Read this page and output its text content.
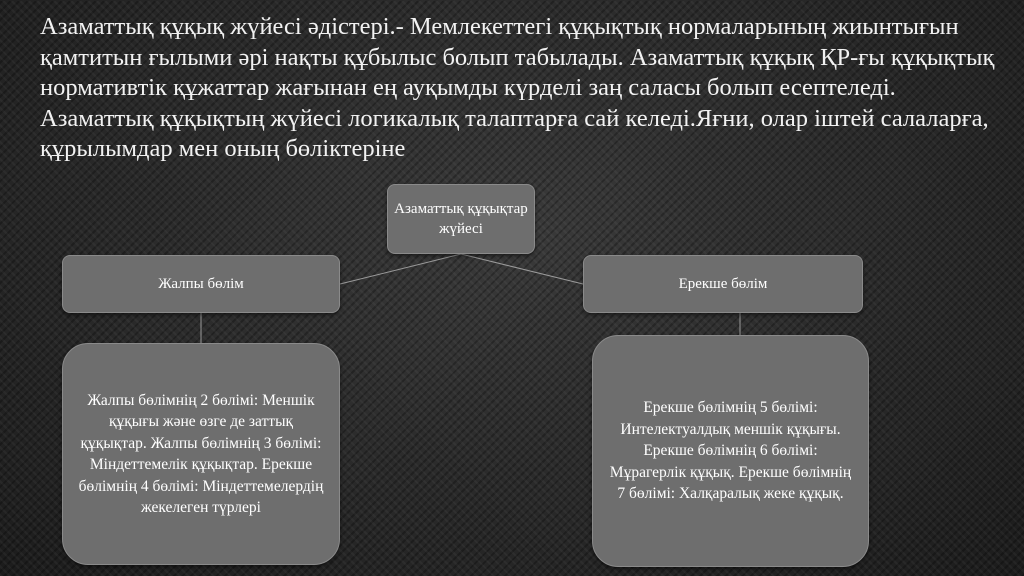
Азаматтық құқық жүйесі әдістері.- Мемлекеттегі құқықтық нормаларының жиынтығын қамтитын ғылыми әрі нақты құбылыс болып табылады. Азаматтық құқық ҚР-ғы құқықтық нормативтік құжаттар жағынан ең ауқымды күрделі заң саласы болып есептеледі. Азаматтық құқықтың жүйесі логикалық талаптарға сай келеді.Яғни, олар іштей салаларға, құрылымдар мен оның бөліктеріне

Азаматтық құқықтар жүйесі
Жалпы бөлім	Ерекше бөлім
Жалпы бөлімнің 2 бөлімі: Меншік құқығы және өзге де заттық құқықтар. Жалпы бөлімнің 3 бөлімі: Міндеттемелік құқықтар. Ерекше бөлімнің 4 бөлімі: Міндеттемелердің жекелеген түрлері
Ерекше бөлімнің 5 бөлімі: Интелектуалдық меншік құқығы. Ерекше бөлімнің 6 бөлімі: Мұрагерлік құқық. Ерекше бөлімнің 7 бөлімі: Халқаралық жеке құқық.
